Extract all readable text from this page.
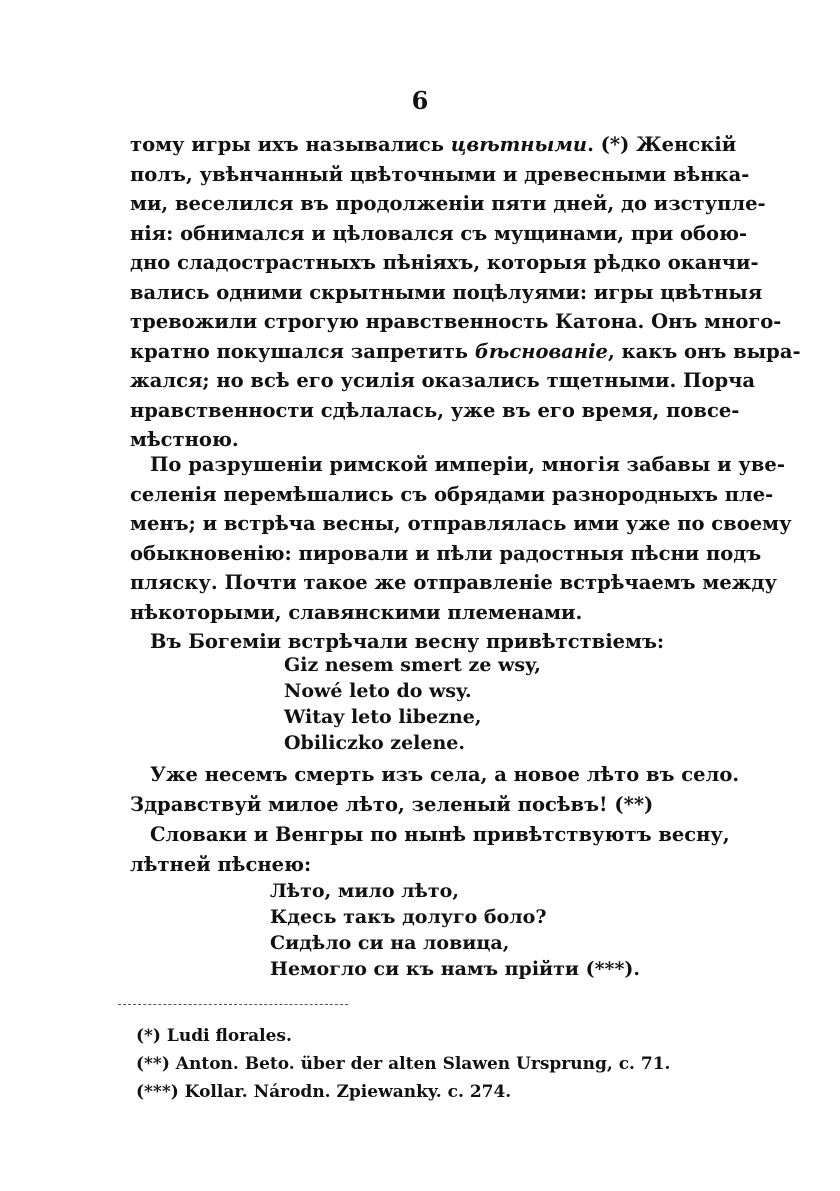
6
тому игры ихъ назывались цвѣтными. (*) Женскій
полъ, увѣнчанный цвѣточными и древесными вѣнка-
ми, веселился въ продолженіи пяти дней, до изступле-
нія: обнимался и цѣловался съ мущинами, при обою-
дно сладострастныхъ пѣніяхъ, которыя рѣдко оканчи-
вались одними скрытными поцѣлуями: игры цвѣтныя
тревожили строгую нравственность Катона. Онъ много-
кратно покушался запретить бѣснованіе, какъ онъ выра-
жался; но всѣ его усилія оказались тщетными. Порча
нравственности сдѣлалась, уже въ его время, повсе-
мѣстною.
По разрушеніи римской имперіи, многія забавы и уве-
селенія перемѣшались съ обрядами разнородныхъ пле-
менъ; и встрѣча весны, отправлялась ими уже по своему
обыкновенію: пировали и пѣли радостныя пѣсни подъ
пляску. Почти такое же отправленіе встрѣчаемъ между
нѣкоторыми, славянскими племенами.
Въ Богеміи встрѣчали весну привѣтствіемъ:
Giz nesem smert ze wsy,
Nowé leto do wsy.
Witay leto libezne,
Obiliczko zelene.
Уже несемъ смерть изъ села, а новое лѣто въ село.
Здравствуй милое лѣто, зеленый посѣвъ! (**)
Словаки и Венгры по нынѣ привѣтствуютъ весну,
лѣтней пѣснею:
Лѣто, мило лѣто,
Кдесь такъ долуго боло?
Сидѣло си на ловица,
Немогло си къ намъ прійти (***).
(*) Ludi florales.
(**) Anton. Beto. über der alten Slawen Ursprung, c. 71.
(***) Kollar. Národn. Zpiewanky. c. 274.
